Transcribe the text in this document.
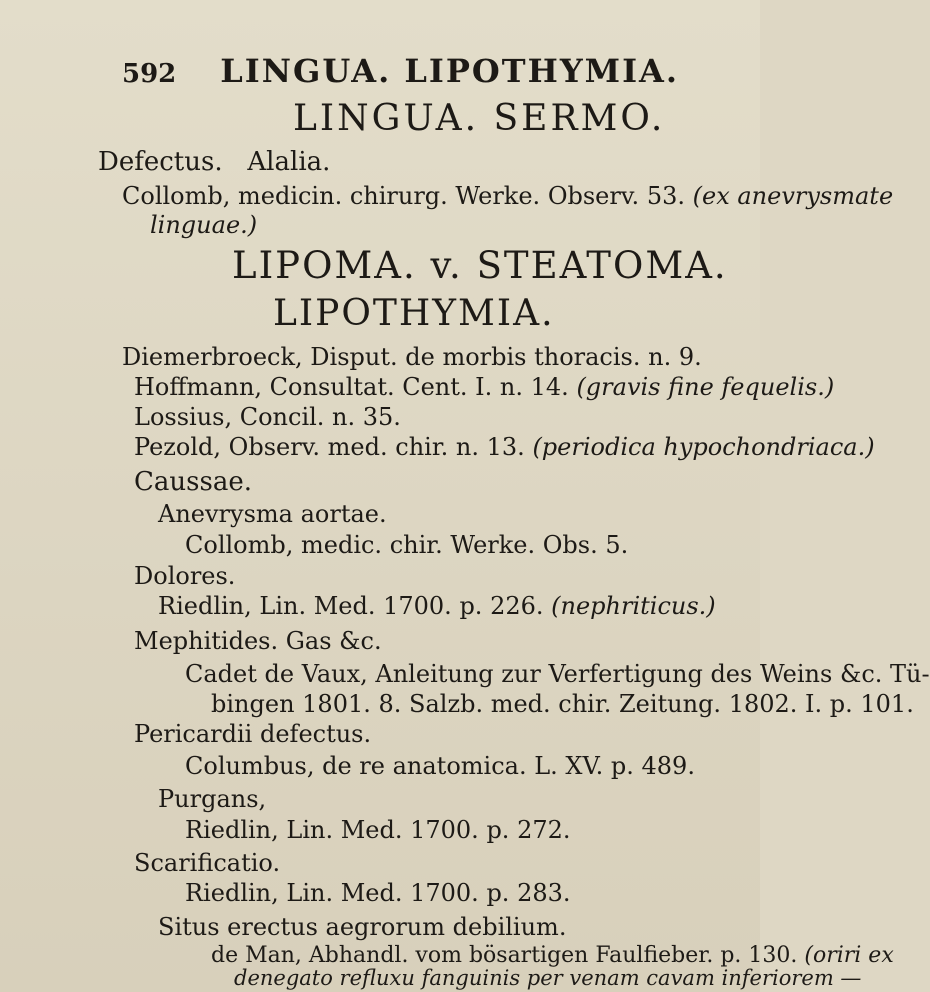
592 LINGUA. LIPOTHYMIA.
LINGUA. SERMO.
Defectus. Alalia.
Collomb, medicin. chirurg. Werke. Observ. 53. (ex anevrysmate
linguae.)
LIPOMA. v. STEATOMA.
LIPOTHYMIA.
Diemerbroeck, Disput. de morbis thoracis. n. 9.
Hoffmann, Consultat. Cent. I. n. 14. (gravis fine fequelis.)
Lossius, Concil. n. 35.
Pezold, Observ. med. chir. n. 13. (periodica hypochondriaca.)
Caussae.
Anevrysma aortae.
Collomb, medic. chir. Werke. Obs. 5.
Dolores.
Riedlin, Lin. Med. 1700. p. 226. (nephriticus.)
Mephitides. Gas &c.
Cadet de Vaux, Anleitung zur Verfertigung des Weins &c. Tü-
bingen 1801. 8. Salzb. med. chir. Zeitung. 1802. I. p. 101.
Pericardii defectus.
Columbus, de re anatomica. L. XV. p. 489.
Purgans,
Riedlin, Lin. Med. 1700. p. 272.
Scarificatio.
Riedlin, Lin. Med. 1700. p. 283.
Situs erectus aegrorum debilium.
de Man, Abhandl. vom bösartigen Faulfieber. p. 130. (oriri ex
denegato refluxu fanguinis per venam cavam inferiorem —
